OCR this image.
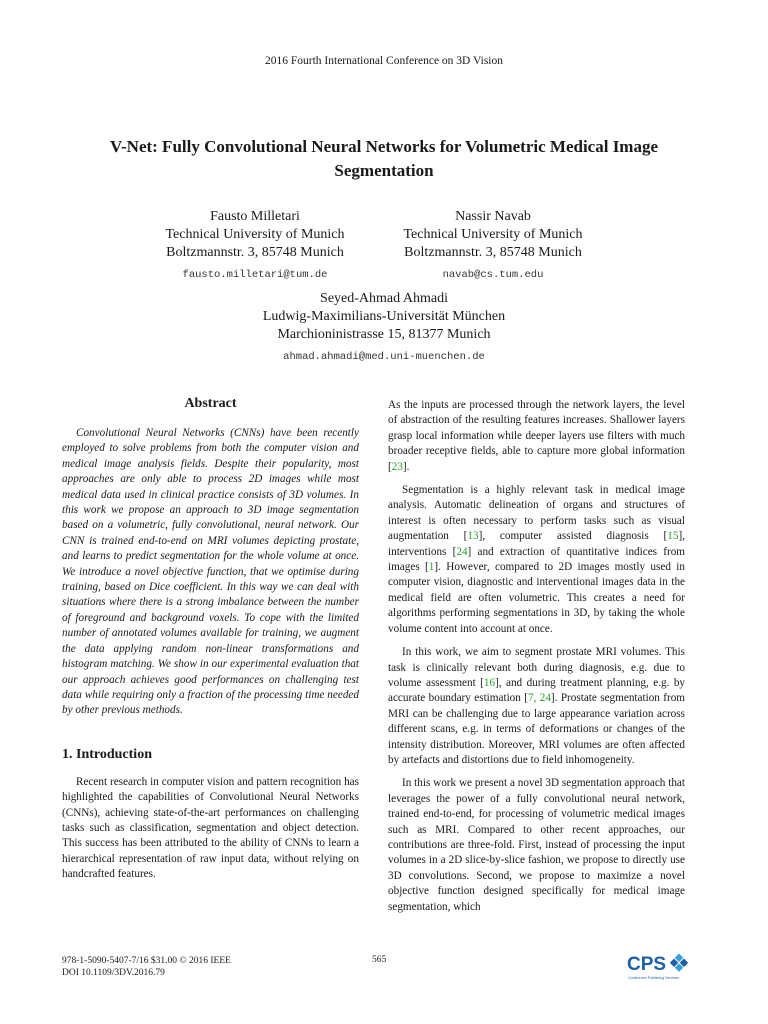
2016 Fourth International Conference on 3D Vision
V-Net: Fully Convolutional Neural Networks for Volumetric Medical Image Segmentation
Fausto Milletari
Technical University of Munich
Boltzmannstr. 3, 85748 Munich
fausto.milletari@tum.de
Nassir Navab
Technical University of Munich
Boltzmannstr. 3, 85748 Munich
navab@cs.tum.edu
Seyed-Ahmad Ahmadi
Ludwig-Maximilians-Universität München
Marchioninistrasse 15, 81377 Munich
ahmad.ahmadi@med.uni-muenchen.de
Abstract

Convolutional Neural Networks (CNNs) have been recently employed to solve problems from both the computer vision and medical image analysis fields. Despite their popularity, most approaches are only able to process 2D images while most medical data used in clinical practice consists of 3D volumes. In this work we propose an approach to 3D image segmentation based on a volumetric, fully convolutional, neural network. Our CNN is trained end-to-end on MRI volumes depicting prostate, and learns to predict segmentation for the whole volume at once. We introduce a novel objective function, that we optimise during training, based on Dice coefficient. In this way we can deal with situations where there is a strong imbalance between the number of foreground and background voxels. To cope with the limited number of annotated volumes available for training, we augment the data applying random non-linear transformations and histogram matching. We show in our experimental evaluation that our approach achieves good performances on challenging test data while requiring only a fraction of the processing time needed by other previous methods.

1. Introduction

Recent research in computer vision and pattern recognition has highlighted the capabilities of Convolutional Neural Networks (CNNs), achieving state-of-the-art performances on challenging tasks such as classification, segmentation and object detection. This success has been attributed to the ability of CNNs to learn a hierarchical representation of raw input data, without relying on handcrafted features.

As the inputs are processed through the network layers, the level of abstraction of the resulting features increases. Shallower layers grasp local information while deeper layers use filters with much broader receptive fields, able to capture more global information [23].

Segmentation is a highly relevant task in medical image analysis. Automatic delineation of organs and structures of interest is often necessary to perform tasks such as visual augmentation [13], computer assisted diagnosis [15], interventions [24] and extraction of quantitative indices from images [1]. However, compared to 2D images mostly used in computer vision, diagnostic and interventional images data in the medical field are often volumetric. This creates a need for algorithms performing segmentations in 3D, by taking the whole volume content into account at once.

In this work, we aim to segment prostate MRI volumes. This task is clinically relevant both during diagnosis, e.g. due to volume assessment [16], and during treatment planning, e.g. by accurate boundary estimation [7, 24]. Prostate segmentation from MRI can be challenging due to large appearance variation across different scans, e.g. in terms of deformations or changes of the intensity distribution. Moreover, MRI volumes are often affected by artefacts and distortions due to field inhomogeneity.

In this work we present a novel 3D segmentation approach that leverages the power of a fully convolutional neural network, trained end-to-end, for processing of volumetric medical images such as MRI. Compared to other recent approaches, our contributions are three-fold. First, instead of processing the input volumes in a 2D slice-by-slice fashion, we propose to directly use 3D convolutions. Second, we propose to maximize a novel objective function designed specifically for medical image segmentation, which

978-1-5090-5407-7/16 $31.00 © 2016 IEEE
DOI 10.1109/3DV.2016.79
565	CPS
Conference Publishing Services
